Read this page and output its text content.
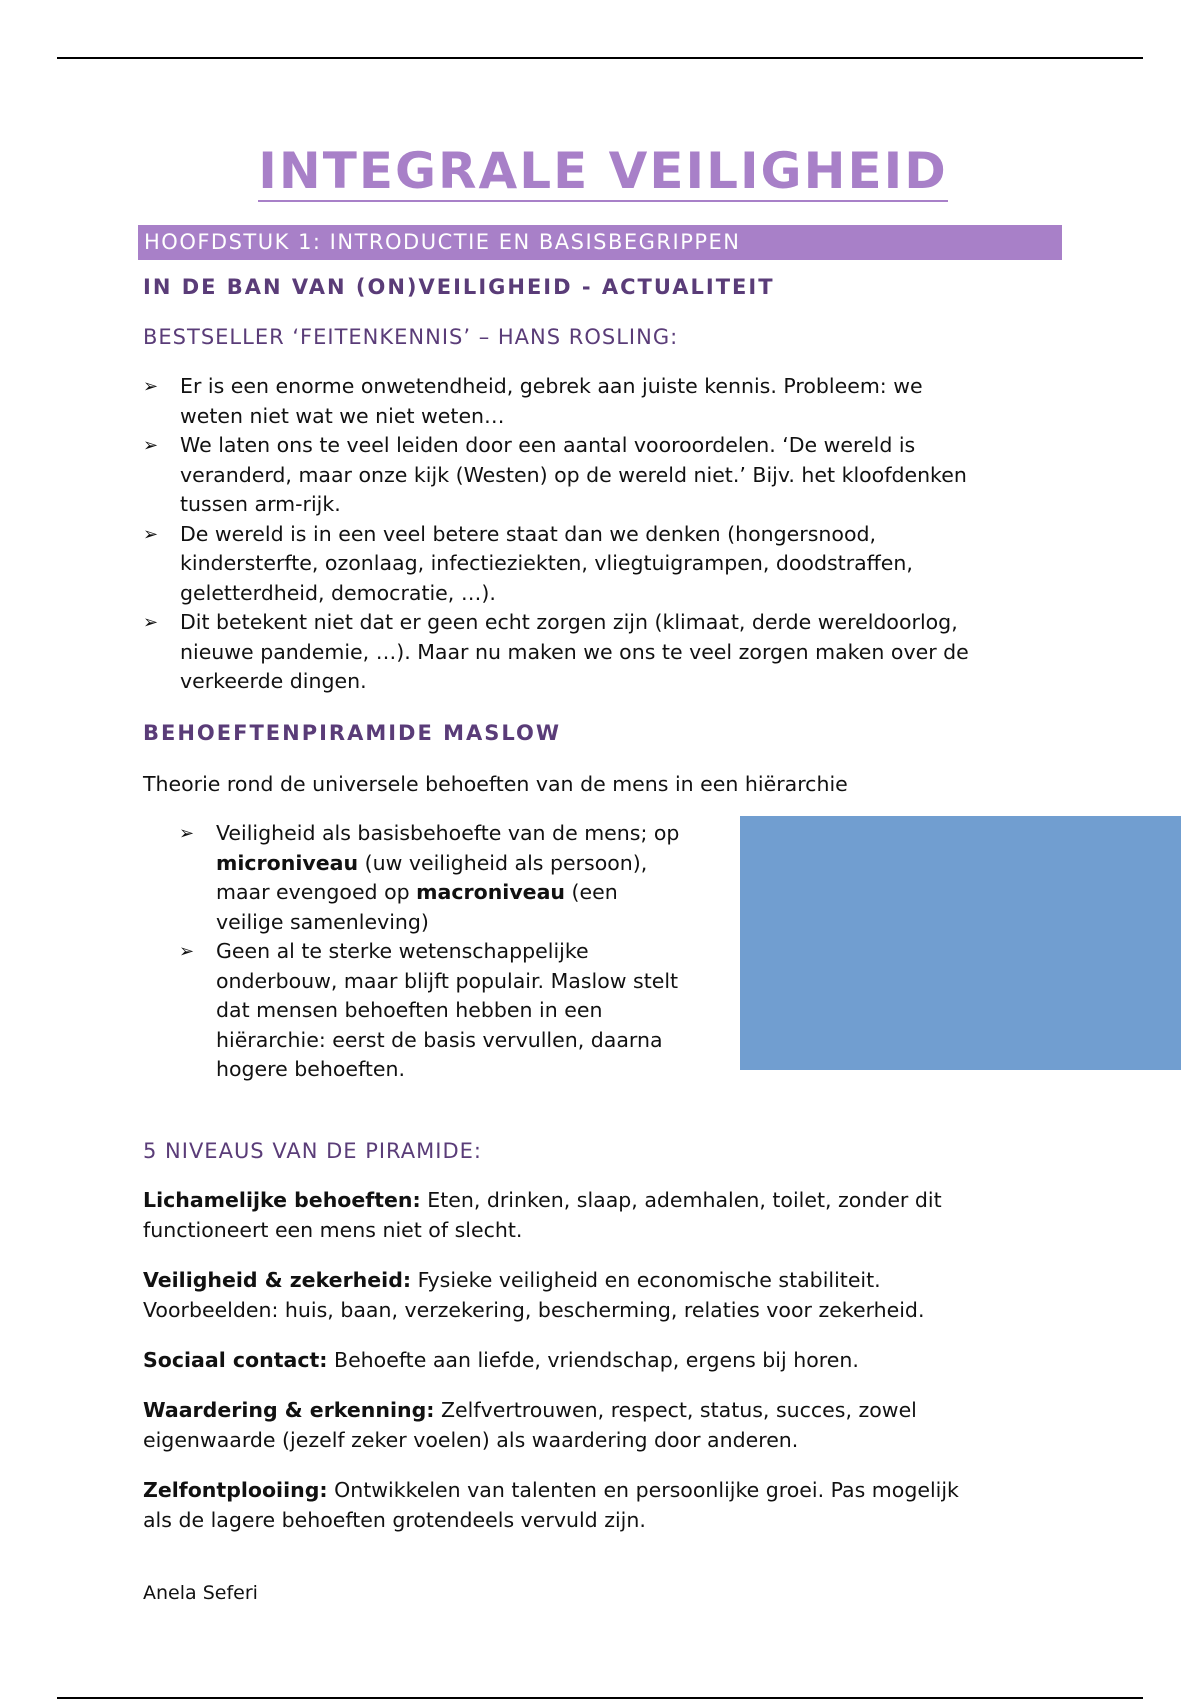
INTEGRALE VEILIGHEID
HOOFDSTUK 1: INTRODUCTIE EN BASISBEGRIPPEN
IN DE BAN VAN (ON)VEILIGHEID - ACTUALITEIT
BESTSELLER ‘FEITENKENNIS’ – HANS ROSLING:
➢ Er is een enorme onwetendheid, gebrek aan juiste kennis. Probleem: we
weten niet wat we niet weten…
➢ We laten ons te veel leiden door een aantal vooroordelen. ‘De wereld is
veranderd, maar onze kijk (Westen) op de wereld niet.’ Bijv. het kloofdenken
tussen arm-rijk.
➢ De wereld is in een veel betere staat dan we denken (hongersnood,
kindersterfte, ozonlaag, infectieziekten, vliegtuigrampen, doodstraffen,
geletterdheid, democratie, …).
➢ Dit betekent niet dat er geen echt zorgen zijn (klimaat, derde wereldoorlog,
nieuwe pandemie, …). Maar nu maken we ons te veel zorgen maken over de
verkeerde dingen.
BEHOEFTENPIRAMIDE MASLOW
Theorie rond de universele behoeften van de mens in een hiërarchie
➢ Veiligheid als basisbehoefte van de mens; op
microniveau (uw veiligheid als persoon),
maar evengoed op macroniveau (een
veilige samenleving)
➢ Geen al te sterke wetenschappelijke
onderbouw, maar blijft populair. Maslow stelt
dat mensen behoeften hebben in een
hiërarchie: eerst de basis vervullen, daarna
hogere behoeften.
5 NIVEAUS VAN DE PIRAMIDE:

Lichamelijke behoeften: Eten, drinken, slaap, ademhalen, toilet, zonder dit
functioneert een mens niet of slecht.

Veiligheid & zekerheid: Fysieke veiligheid en economische stabiliteit.
Voorbeelden: huis, baan, verzekering, bescherming, relaties voor zekerheid.

Sociaal contact: Behoefte aan liefde, vriendschap, ergens bij horen.

Waardering & erkenning: Zelfvertrouwen, respect, status, succes, zowel
eigenwaarde (jezelf zeker voelen) als waardering door anderen.

Zelfontplooiing: Ontwikkelen van talenten en persoonlijke groei. Pas mogelijk
als de lagere behoeften grotendeels vervuld zijn.

Anela Seferi
